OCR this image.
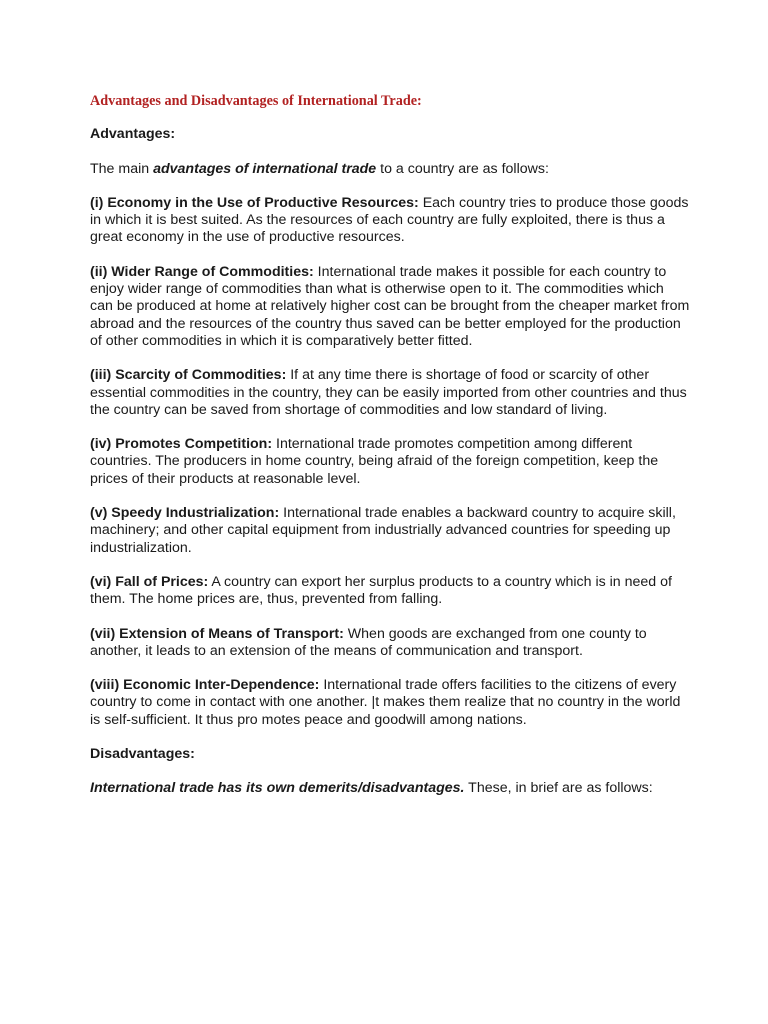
Advantages and Disadvantages of International Trade:
Advantages:

The main advantages of international trade to a country are as follows:

(i) Economy in the Use of Productive Resources: Each country tries to produce those goods in which it is best suited. As the resources of each country are fully exploited, there is thus a great economy in the use of productive resources.

(ii) Wider Range of Commodities: International trade makes it possible for each country to enjoy wider range of commodities than what is otherwise open to it. The commodities which can be produced at home at relatively higher cost can be brought from the cheaper market from abroad and the resources of the country thus saved can be better employed for the production of other commodities in which it is comparatively better fitted.

(iii) Scarcity of Commodities: If at any time there is shortage of food or scarcity of other essential commodities in the country, they can be easily imported from other countries and thus the country can be saved from shortage of commodities and low standard of living.

(iv) Promotes Competition: International trade promotes competition among different countries. The producers in home country, being afraid of the foreign competition, keep the prices of their products at reasonable level.

(v) Speedy Industrialization: International trade enables a backward country to acquire skill, machinery; and other capital equipment from industrially advanced countries for speeding up industrialization.

(vi) Fall of Prices: A country can export her surplus products to a country which is in need of them. The home prices are, thus, prevented from falling.

(vii) Extension of Means of Transport: When goods are exchanged from one county to another, it leads to an extension of the means of communication and transport.

(viii) Economic Inter-Dependence: International trade offers facilities to the citizens of every country to come in contact with one another. |t makes them realize that no country in the world is self-sufficient. It thus pro motes peace and goodwill among nations.

Disadvantages:

International trade has its own demerits/disadvantages. These, in brief are as follows:
